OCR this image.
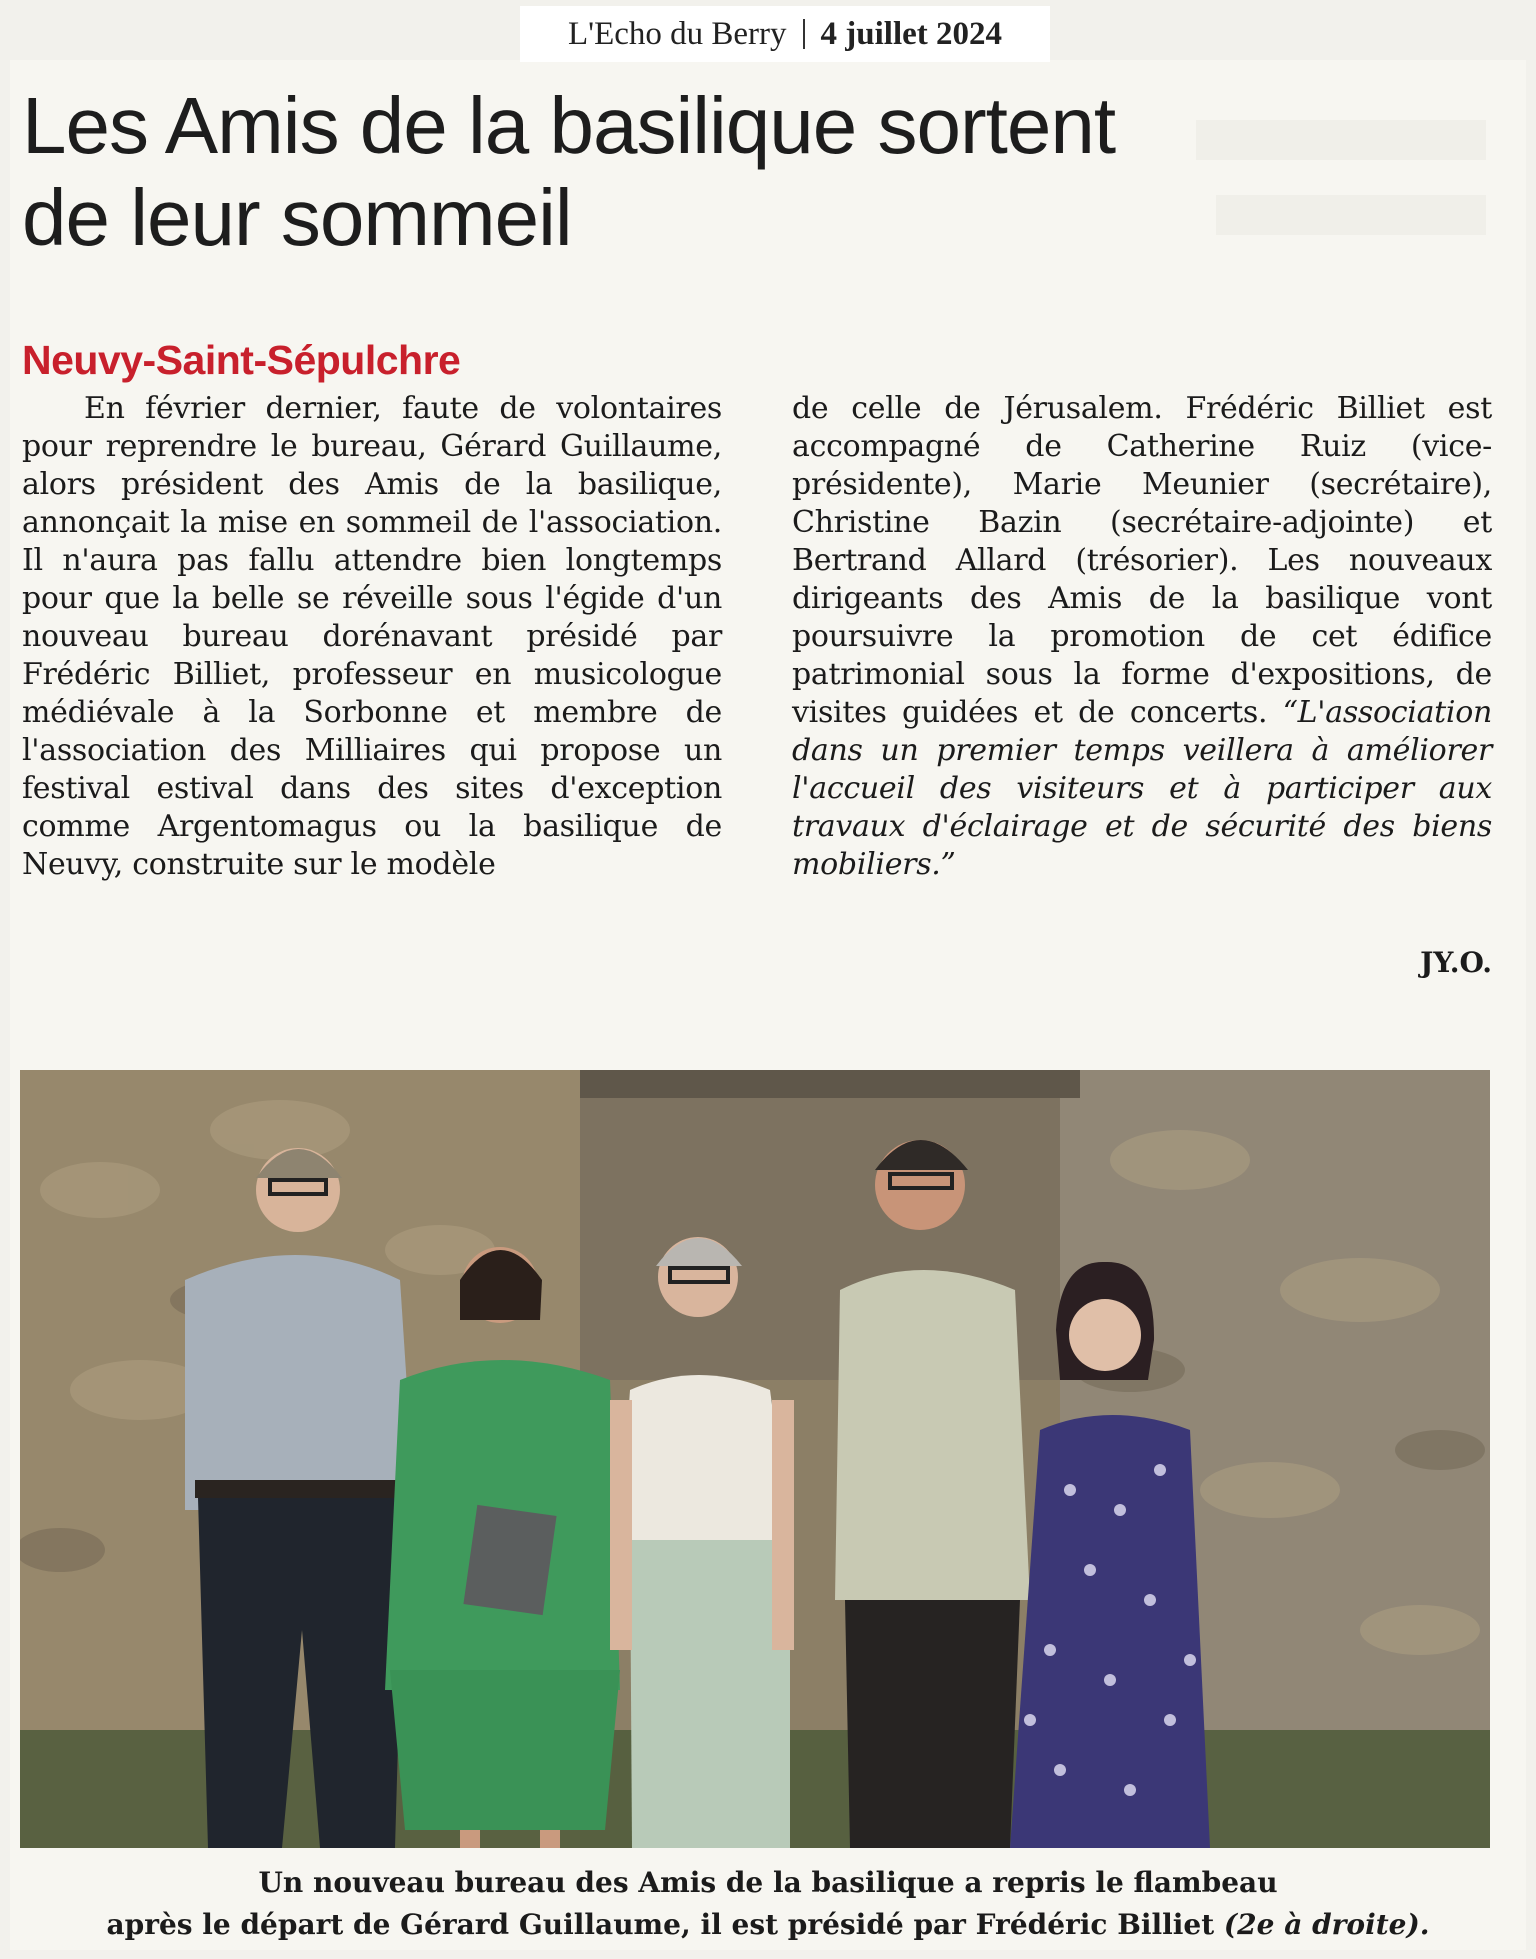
L'Echo du Berry 4 juillet 2024
Les Amis de la basilique sortent
de leur sommeil
Neuvy-Saint-Sépulchre
En février dernier, faute de volontaires pour reprendre le bureau, Gérard Guillaume, alors président des Amis de la basilique, annonçait la mise en sommeil de l'association. Il n'aura pas fallu attendre bien longtemps pour que la belle se réveille sous l'égide d'un nouveau bureau dorénavant présidé par Frédéric Billiet, professeur en musicologue médiévale à la Sorbonne et membre de l'association des Milliaires qui propose un festival estival dans des sites d'exception comme Argentomagus ou la basilique de Neuvy, construite sur le modèle
de celle de Jérusalem. Frédéric Billiet est accompagné de Catherine Ruiz (vice-présidente), Marie Meunier (secrétaire), Christine Bazin (secrétaire-adjointe) et Bertrand Allard (trésorier). Les nouveaux dirigeants des Amis de la basilique vont poursuivre la promotion de cet édifice patrimonial sous la forme d'expositions, de visites guidées et de concerts. “L'association dans un premier temps veillera à améliorer l'accueil des visiteurs et à participer aux travaux d'éclairage et de sécurité des biens mobiliers.”
JY.O.
Un nouveau bureau des Amis de la basilique a repris le flambeau
après le départ de Gérard Guillaume, il est présidé par Frédéric Billiet (2e à droite).
